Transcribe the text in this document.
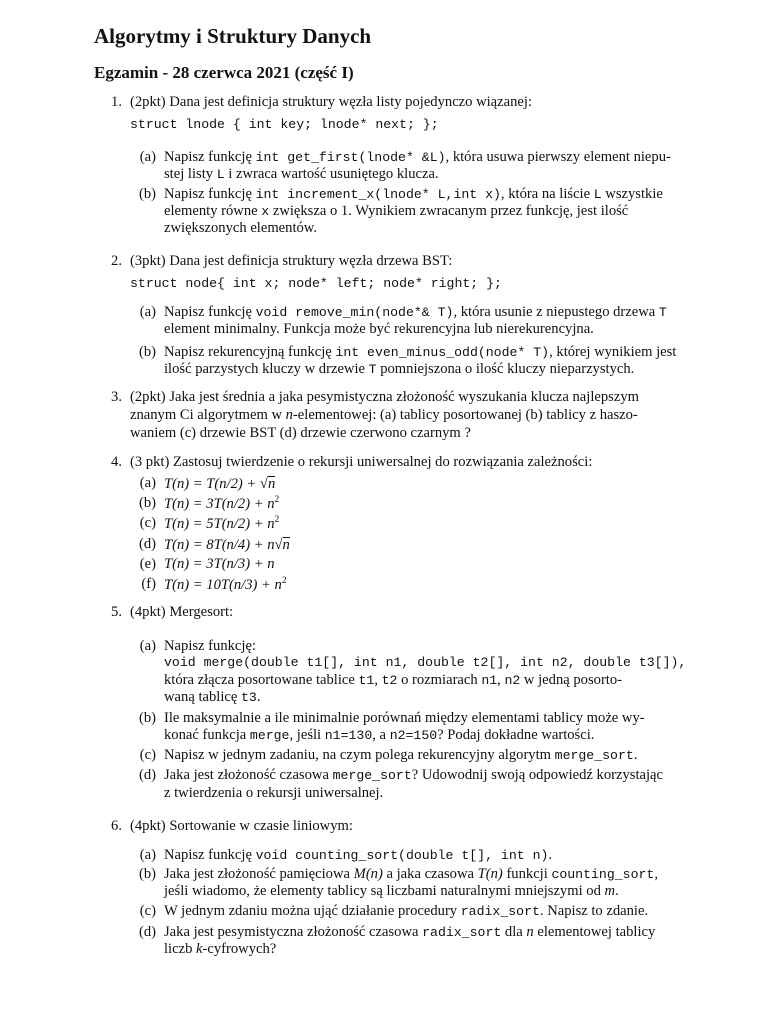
Algorytmy i Struktury Danych
Egzamin - 28 czerwca 2021 (część I)
1. (2pkt) Dana jest definicja struktury węzła listy pojedynczo wiązanej:
struct lnode { int key; lnode* next; };
(a) Napisz funkcję int get_first(lnode* &L), która usuwa pierwszy element niepu-
stej listy L i zwraca wartość usuniętego klucza.
(b) Napisz funkcję int increment_x(lnode* L,int x), która na liście L wszystkie
elementy równe x zwiększa o 1. Wynikiem zwracanym przez funkcję, jest ilość
zwiększonych elementów.
2. (3pkt) Dana jest definicja struktury węzła drzewa BST:
struct node{ int x; node* left; node* right; };
(a) Napisz funkcję void remove_min(node*& T), która usunie z niepustego drzewa T
element minimalny. Funkcja może być rekurencyjna lub nierekurencyjna.
(b) Napisz rekurencyjną funkcję int even_minus_odd(node* T), której wynikiem jest
ilość parzystych kluczy w drzewie T pomniejszona o ilość kluczy nieparzystych.
3. (2pkt) Jaka jest średnia a jaka pesymistyczna złożoność wyszukania klucza najlepszym
znanym Ci algorytmem w n-elementowej: (a) tablicy posortowanej (b) tablicy z haszo-
waniem (c) drzewie BST (d) drzewie czerwono czarnym ?
4. (3 pkt) Zastosuj twierdzenie o rekursji uniwersalnej do rozwiązania zależności:
(a) T(n) = T(n/2) + √n
(b) $T(n) = 3T(n/2) + n^2$
(c) $T(n) = 5T(n/2) + n^2$
(d) T(n) = 8T(n/4) + n√n
(e) T(n) = 3T(n/3) + n
(f) $T(n) = 10T(n/3) + n^2$
5. (4pkt) Mergesort:
(a) Napisz funkcję:
void merge(double t1[], int n1, double t2[], int n2, double t3[]),
która złącza posortowane tablice t1, t2 o rozmiarach n1, n2 w jedną posorto-
waną tablicę t3.
(b) Ile maksymalnie a ile minimalnie porównań między elementami tablicy może wy-
konać funkcja merge, jeśli n1=130, a n2=150? Podaj dokładne wartości.
(c) Napisz w jednym zadaniu, na czym polega rekurencyjny algorytm merge_sort.
(d) Jaka jest złożoność czasowa merge_sort? Udowodnij swoją odpowiedź korzystając
z twierdzenia o rekursji uniwersalnej.
6. (4pkt) Sortowanie w czasie liniowym:
(a) Napisz funkcję void counting_sort(double t[], int n).
(b) Jaka jest złożoność pamięciowa M(n) a jaka czasowa T(n) funkcji counting_sort,
jeśli wiadomo, że elementy tablicy są liczbami naturalnymi mniejszymi od m.
(c) W jednym zdaniu można ująć działanie procedury radix_sort. Napisz to zdanie.
(d) Jaka jest pesymistyczna złożoność czasowa radix_sort dla n elementowej tablicy
liczb k-cyfrowych?
